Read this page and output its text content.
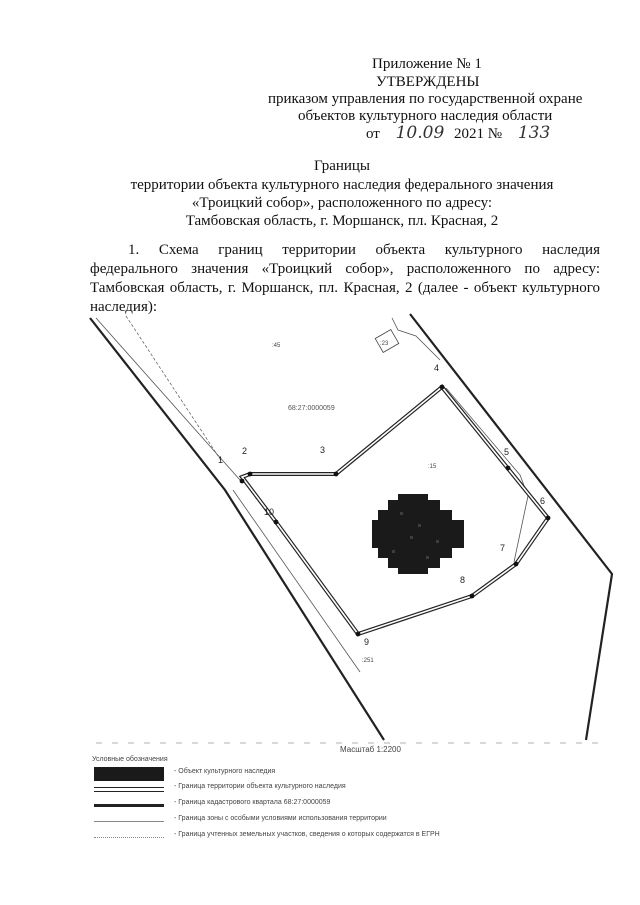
Приложение № 1
УТВЕРЖДЕНЫ
приказом управления по государственной охране
объектов культурного наследия области
от 10.09 2021 № 133
Границы
территории объекта культурного наследия федерального значения
«Троицкий собор», расположенного по адресу:
Тамбовская область, г. Моршанск, пл. Красная, 2
1. Схема границ территории объекта культурного наследия
федерального значения «Троицкий собор», расположенного по адресу:
Тамбовская область, г. Моршанск, пл. Красная, 2 (далее - объект культурного
наследия):
:23
1
2	3
4
5
6
7
8
9
10
:45
68:27:0000059
:15
:251
Масштаб 1:2200
Условные обозначения
- Объект культурного наследия
- Граница территории объекта культурного наследия
- Граница кадастрового квартала 68:27:0000059
- Граница зоны с особыми условиями использования территории
- Граница учтенных земельных участков, сведения о которых содержатся в ЕГРН
